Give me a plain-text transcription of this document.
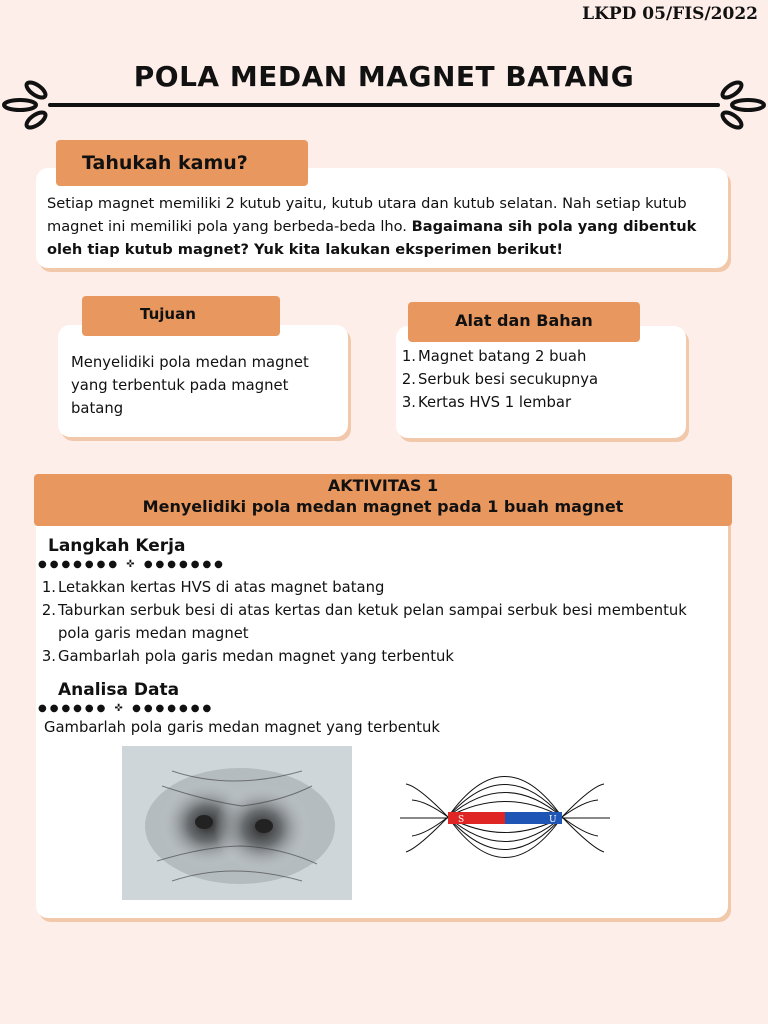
LKPD 05/FIS/2022
POLA MEDAN MAGNET BATANG
Tahukah kamu?
Setiap magnet memiliki 2 kutub yaitu, kutub utara dan kutub selatan. Nah setiap kutub magnet ini memiliki pola yang berbeda-beda lho. Bagaimana sih pola yang dibentuk oleh tiap kutub magnet? Yuk kita lakukan eksperimen berikut!
Tujuan
Menyelidiki pola medan magnet yang terbentuk pada magnet batang
Alat dan Bahan
1. Magnet batang 2 buah
2. Serbuk besi secukupnya
3. Kertas HVS 1 lembar
AKTIVITAS 1
Menyelidiki pola medan magnet pada 1 buah magnet
Langkah Kerja
●●●●●●● ✜ ●●●●●●●
1. Letakkan kertas HVS di atas magnet batang
2. Taburkan serbuk besi di atas kertas dan ketuk pelan sampai serbuk besi membentuk pola garis medan magnet
3. Gambarlah pola garis medan magnet yang terbentuk
Analisa Data
●●●●●● ✜ ●●●●●●●
Gambarlah pola garis medan magnet yang terbentuk
S	U
